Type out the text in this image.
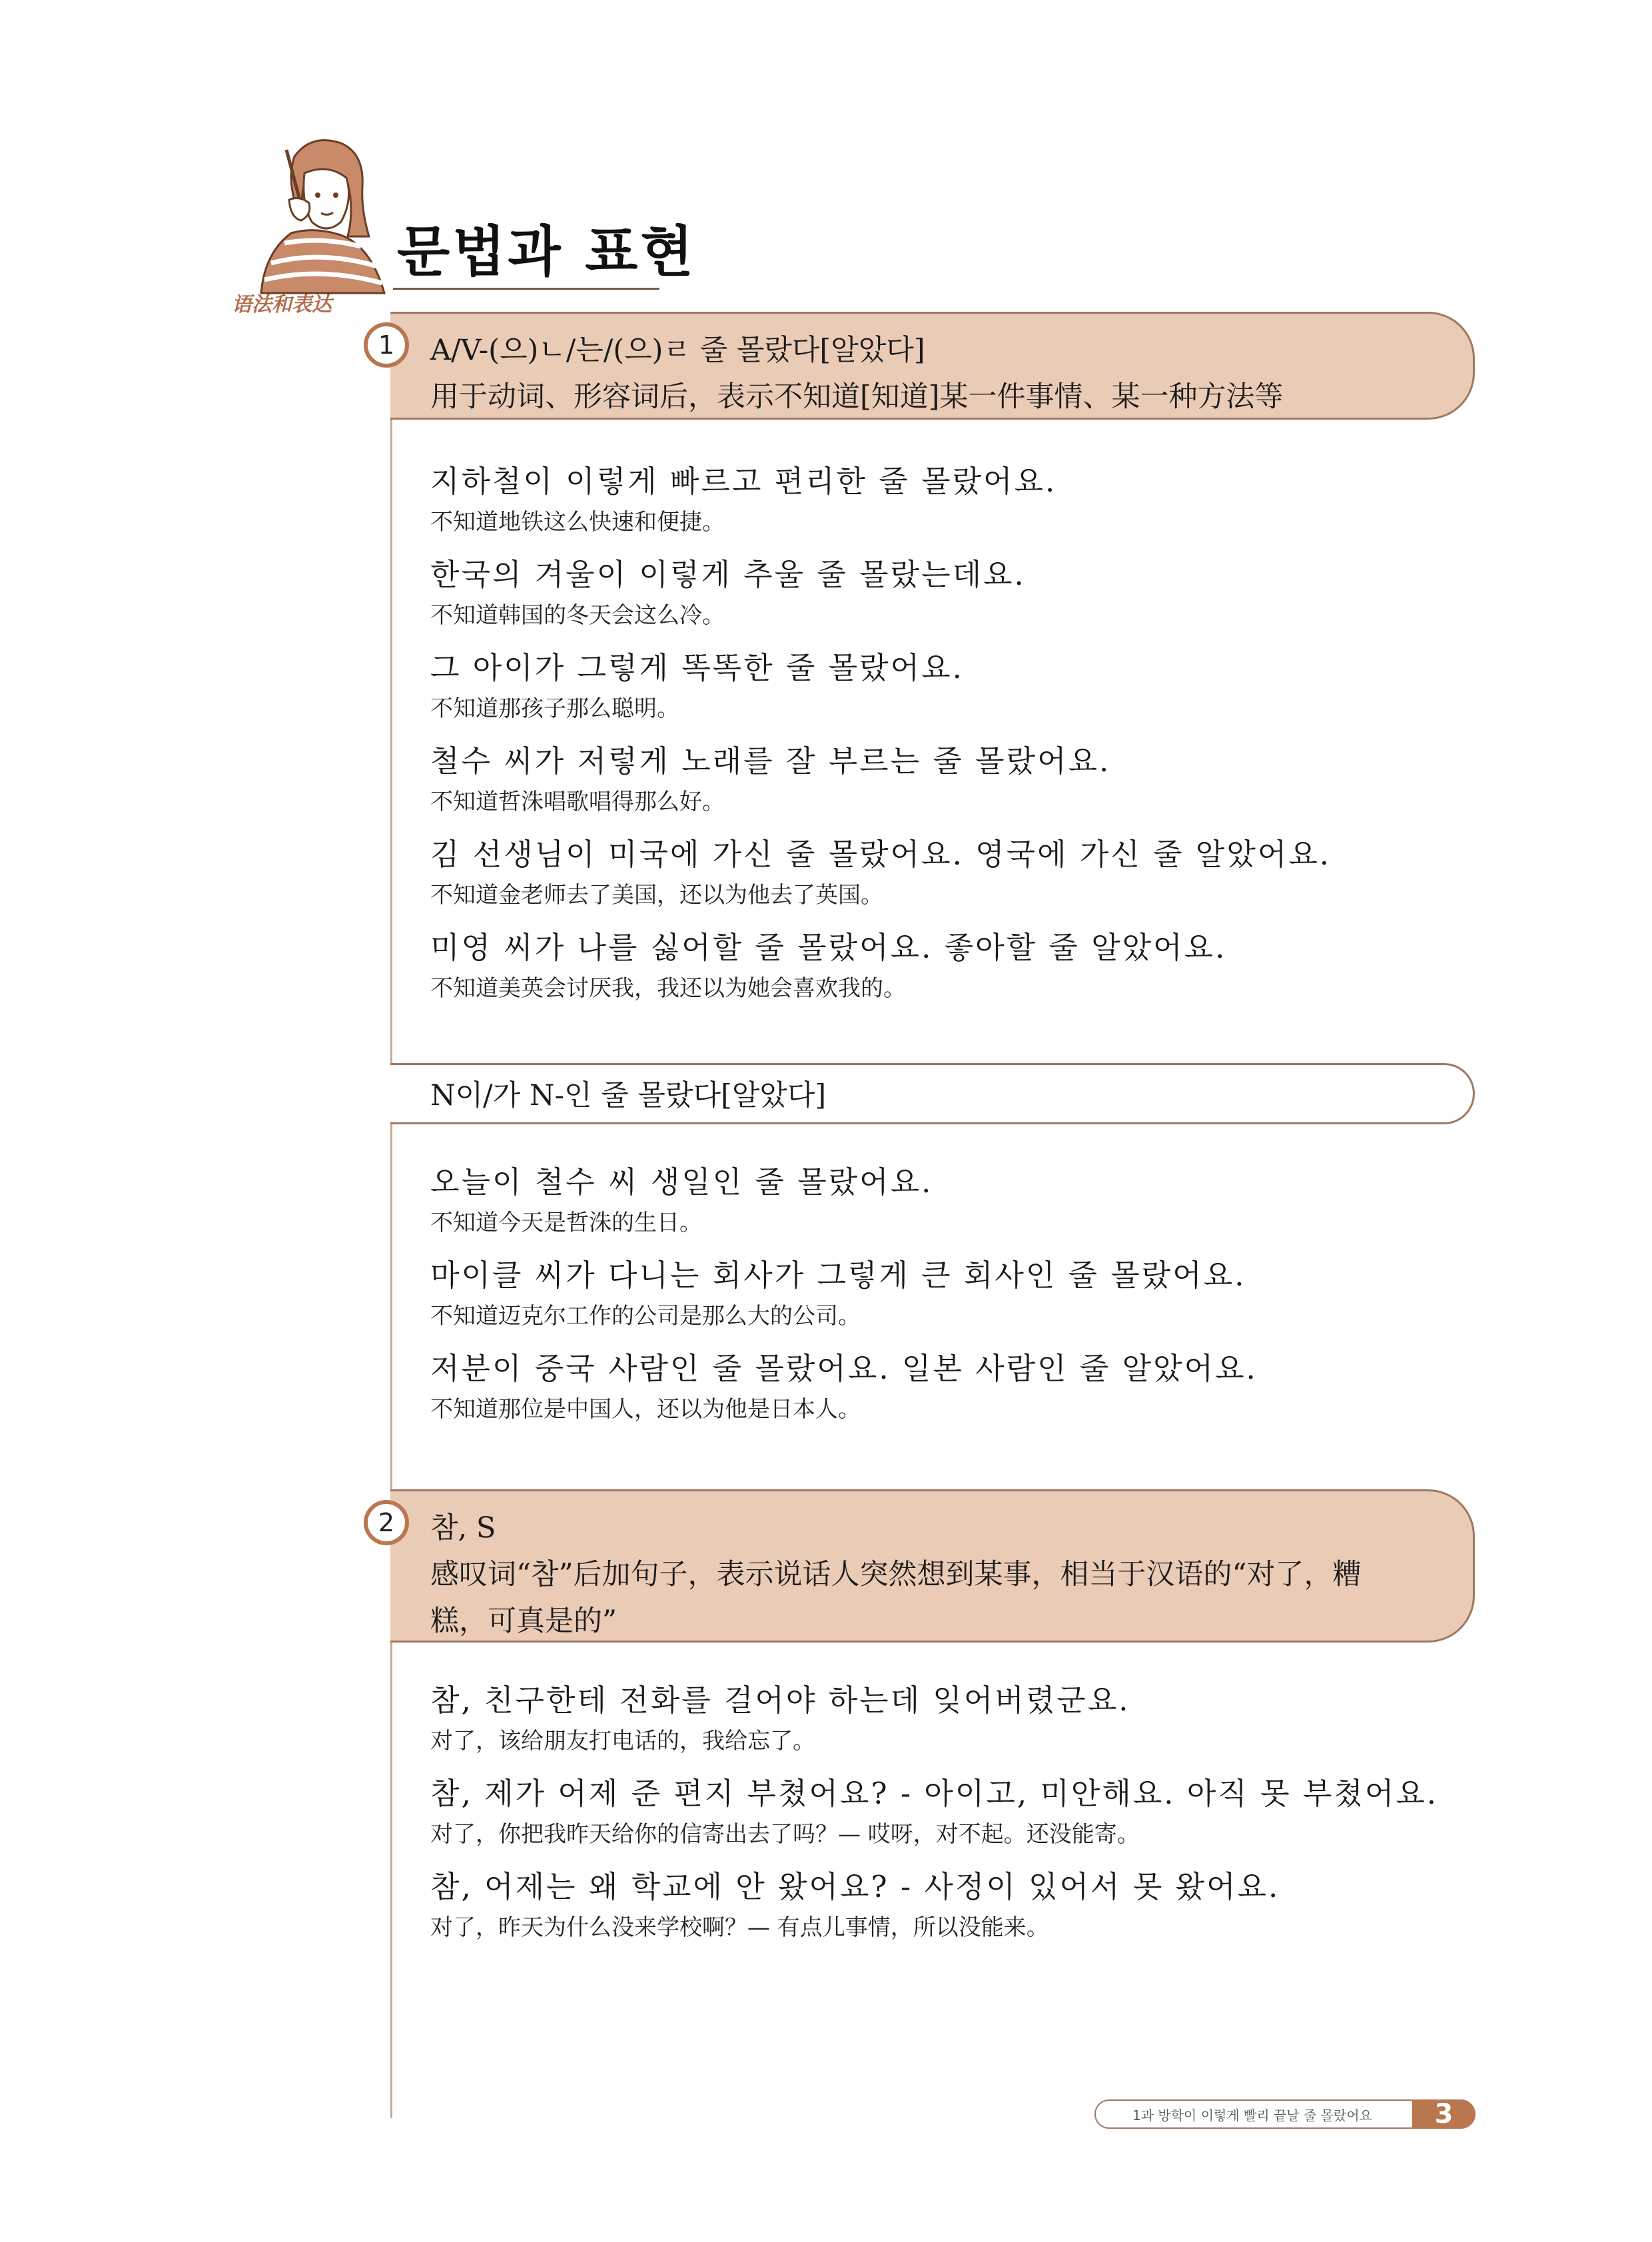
문법과 표현
语法和表达
1	A/V-(으)ㄴ/는/(으)ㄹ 줄 몰랐다[알았다]
用于动词、形容词后，表示不知道[知道]某一件事情、某一种方法等
지하철이 이렇게 빠르고 편리한 줄 몰랐어요.
不知道地铁这么快速和便捷。
한국의 겨울이 이렇게 추울 줄 몰랐는데요.
不知道韩国的冬天会这么冷。
그 아이가 그렇게 똑똑한 줄 몰랐어요.
不知道那孩子那么聪明。
철수 씨가 저렇게 노래를 잘 부르는 줄 몰랐어요.
不知道哲洙唱歌唱得那么好。
김 선생님이 미국에 가신 줄 몰랐어요. 영국에 가신 줄 알았어요.
不知道金老师去了美国，还以为他去了英国。
미영 씨가 나를 싫어할 줄 몰랐어요. 좋아할 줄 알았어요.
不知道美英会讨厌我，我还以为她会喜欢我的。
N이/가 N-인 줄 몰랐다[알았다]
오늘이 철수 씨 생일인 줄 몰랐어요.
不知道今天是哲洙的生日。
마이클 씨가 다니는 회사가 그렇게 큰 회사인 줄 몰랐어요.
不知道迈克尔工作的公司是那么大的公司。
저분이 중국 사람인 줄 몰랐어요. 일본 사람인 줄 알았어요.
不知道那位是中国人，还以为他是日本人。
2	참, S
感叹词“참”后加句子，表示说话人突然想到某事，相当于汉语的“对了，糟
糕，可真是的”
참, 친구한테 전화를 걸어야 하는데 잊어버렸군요.
对了，该给朋友打电话的，我给忘了。
참, 제가 어제 준 편지 부쳤어요? - 아이고, 미안해요. 아직 못 부쳤어요.
对了，你把我昨天给你的信寄出去了吗？— 哎呀，对不起。还没能寄。
참, 어제는 왜 학교에 안 왔어요? - 사정이 있어서 못 왔어요.
对了，昨天为什么没来学校啊？— 有点儿事情，所以没能来。
1과 방학이 이렇게 빨리 끝날 줄 몰랐어요	3
